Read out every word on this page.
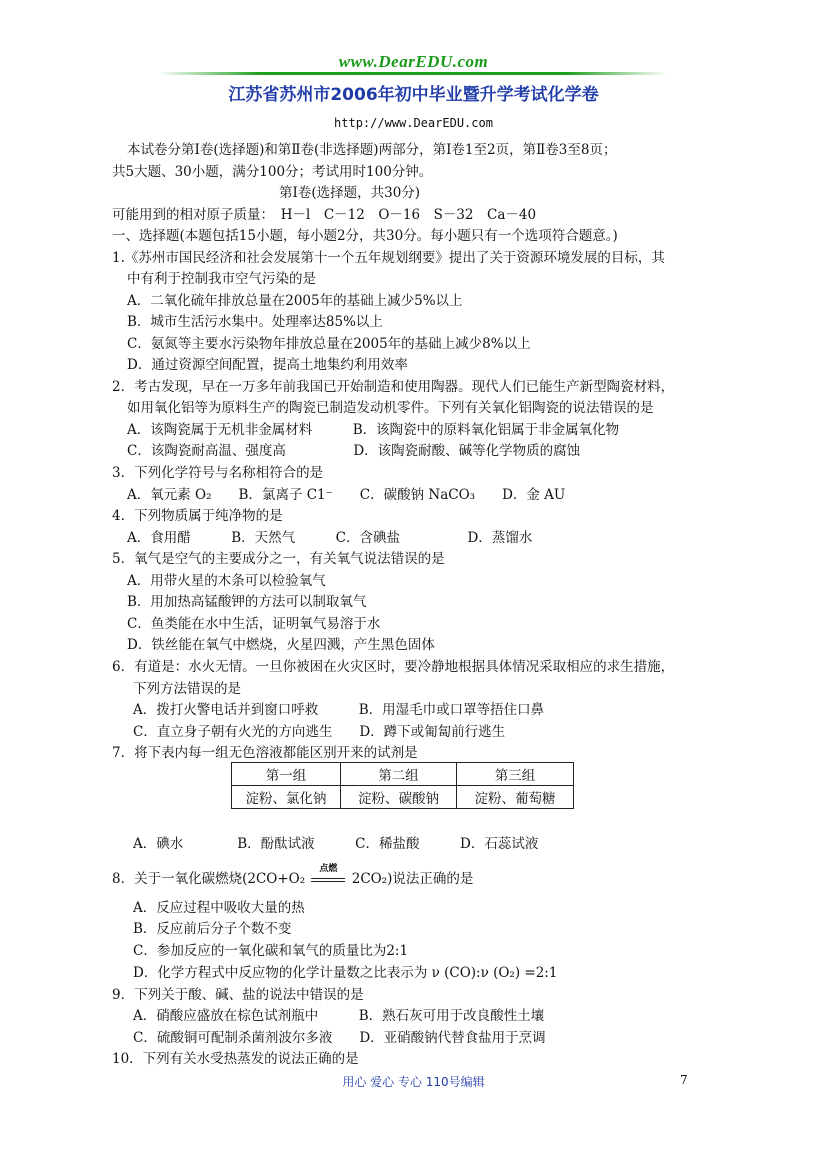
www.DearEDU.com
江苏省苏州市2006年初中毕业暨升学考试化学卷
http://www.DearEDU.com
本试卷分第Ⅰ卷(选择题)和第Ⅱ卷(非选择题)两部分，第Ⅰ卷1至2页，第Ⅱ卷3至8页；
共5大题、30小题，满分100分；考试用时100分钟。
第Ⅰ卷(选择题，共30分)
可能用到的相对原子质量：　H－l　C－12　O－16　S－32　Ca－40
一、选择题(本题包括15小题，每小题2分，共30分。每小题只有一个选项符合题意。)
1.《苏州市国民经济和社会发展第十一个五年规划纲要》提出了关于资源环境发展的目标，其
中有利于控制我市空气污染的是
A．二氧化硫年排放总量在2005年的基础上减少5%以上
B．城市生活污水集中。处理率达85%以上
C．氨氮等主要水污染物年排放总量在2005年的基础上减少8%以上
D．通过资源空间配置，提高土地集约利用效率
2．考古发现，早在一万多年前我国已开始制造和使用陶器。现代人们已能生产新型陶瓷材料，
如用氧化铝等为原料生产的陶瓷已制造发动机零件。下列有关氧化铝陶瓷的说法错误的是
A．该陶瓷属于无机非金属材料　　　B．该陶瓷中的原料氧化铝属于非金属氧化物
C．该陶瓷耐高温、强度高　　　　　D．该陶瓷耐酸、碱等化学物质的腐蚀
3．下列化学符号与名称相符合的是
A．氧元素 O₂　　B．氯离子 C1⁻　　C．碳酸钠 NaCO₃　　D．金 AU
4．下列物质属于纯净物的是
A．食用醋　　　B．天然气　　　C．含碘盐　　　　　D．蒸馏水
5．氧气是空气的主要成分之一，有关氧气说法错误的是
A．用带火星的木条可以检验氧气
B．用加热高锰酸钾的方法可以制取氧气
C．鱼类能在水中生活，证明氧气易溶于水
D．铁丝能在氧气中燃烧，火星四溅，产生黑色固体
6．有道是：水火无情。一旦你被困在火灾区时，要冷静地根据具体情况采取相应的求生措施，
下列方法错误的是
A．拨打火警电话并到窗口呼救　　　B．用湿毛巾或口罩等捂住口鼻
C．直立身子朝有火光的方向逃生　　D．蹲下或匍匐前行逃生
7．将下表内每一组无色溶液都能区别开来的试剂是
第一组	第二组	第三组
淀粉、氯化钠	淀粉、碳酸钠	淀粉、葡萄糖
A．碘水　　　　B．酚酞试液　　　C．稀盐酸　　　D．石蕊试液
8．关于一氧化碳燃烧(2CO+O₂
点燃
2CO₂)说法正确的是
A．反应过程中吸收大量的热
B．反应前后分子个数不变
C．参加反应的一氧化碳和氧气的质量比为2:1
D．化学方程式中反应物的化学计量数之比表示为 ν (CO):ν (O₂) =2:1
9．下列关于酸、碱、盐的说法中错误的是
A．硝酸应盛放在棕色试剂瓶中　　　B．熟石灰可用于改良酸性土壤
C．硫酸铜可配制杀菌剂波尔多液　　D．亚硝酸钠代替食盐用于烹调
10．下列有关水受热蒸发的说法正确的是
用心 爱心 专心 110号编辑	7
